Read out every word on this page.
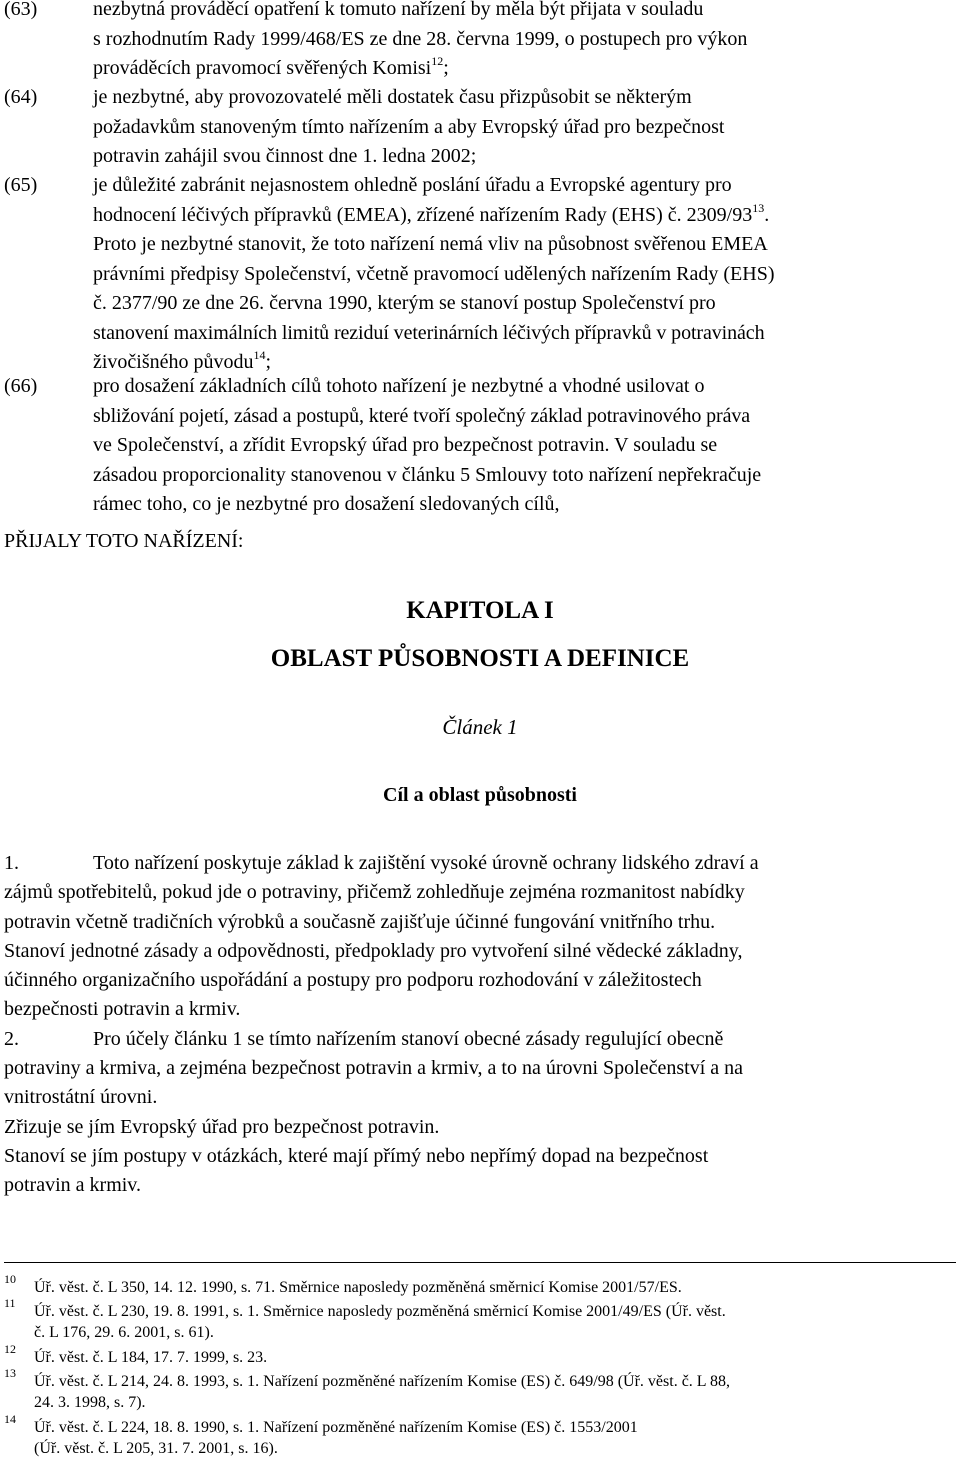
(63)	nezbytná prováděcí opatření k tomuto nařízení by měla být přijata v souladu
s rozhodnutím Rady 1999/468/ES ze dne 28. června 1999, o postupech pro výkon
prováděcích pravomocí svěřených Komisi$^{12}$;
(64)	je nezbytné, aby provozovatelé měli dostatek času přizpůsobit se některým
požadavkům stanoveným tímto nařízením a aby Evropský úřad pro bezpečnost
potravin zahájil svou činnost dne 1. ledna 2002;
(65)	je důležité zabránit nejasnostem ohledně poslání úřadu a Evropské agentury pro
hodnocení léčivých přípravků (EMEA), zřízené nařízením Rady (EHS) č. $2309/93^{13}$.
Proto je nezbytné stanovit, že toto nařízení nemá vliv na působnost svěřenou EMEA
právními předpisy Společenství, včetně pravomocí udělených nařízením Rady (EHS)
č. 2377/90 ze dne 26. června 1990, kterým se stanoví postup Společenství pro
stanovení maximálních limitů reziduí veterinárních léčivých přípravků v potravinách
živočišného původu$^{14}$;
(66)	pro dosažení základních cílů tohoto nařízení je nezbytné a vhodné usilovat o
sbližování pojetí, zásad a postupů, které tvoří společný základ potravinového práva
ve Společenství, a zřídit Evropský úřad pro bezpečnost potravin. V souladu se
zásadou proporcionality stanovenou v článku 5 Smlouvy toto nařízení nepřekračuje
rámec toho, co je nezbytné pro dosažení sledovaných cílů,
PŘIJALY TOTO NAŘÍZENÍ:
KAPITOLA I
OBLAST PŮSOBNOSTI A DEFINICE
Článek 1
Cíl a oblast působnosti

1.	Toto nařízení poskytuje základ k zajištění vysoké úrovně ochrany lidského zdraví a
zájmů spotřebitelů, pokud jde o potraviny, přičemž zohledňuje zejména rozmanitost nabídky
potravin včetně tradičních výrobků a současně zajišťuje účinné fungování vnitřního trhu.
Stanoví jednotné zásady a odpovědnosti, předpoklady pro vytvoření silné vědecké základny,
účinného organizačního uspořádání a postupy pro podporu rozhodování v záležitostech
bezpečnosti potravin a krmiv.

2.	Pro účely článku 1 se tímto nařízením stanoví obecné zásady regulující obecně
potraviny a krmiva, a zejména bezpečnost potravin a krmiv, a to na úrovni Společenství a na
vnitrostátní úrovni.

Zřizuje se jím Evropský úřad pro bezpečnost potravin.

Stanoví se jím postupy v otázkách, které mají přímý nebo nepřímý dopad na bezpečnost
potravin a krmiv.

10 Úř. věst. č. L 350, 14. 12. 1990, s. 71. Směrnice naposledy pozměněná směrnicí Komise 2001/57/ES.
11 Úř. věst. č. L 230, 19. 8. 1991, s. 1. Směrnice naposledy pozměněná směrnicí Komise 2001/49/ES (Úř. věst.
č. L 176, 29. 6. 2001, s. 61).
12 Úř. věst. č. L 184, 17. 7. 1999, s. 23.
13 Úř. věst. č. L 214, 24. 8. 1993, s. 1. Nařízení pozměněné nařízením Komise (ES) č. 649/98 (Úř. věst. č. L 88,
24. 3. 1998, s. 7).
14 Úř. věst. č. L 224, 18. 8. 1990, s. 1. Nařízení pozměněné nařízením Komise (ES) č. 1553/2001
(Úř. věst. č. L 205, 31. 7. 2001, s. 16).
